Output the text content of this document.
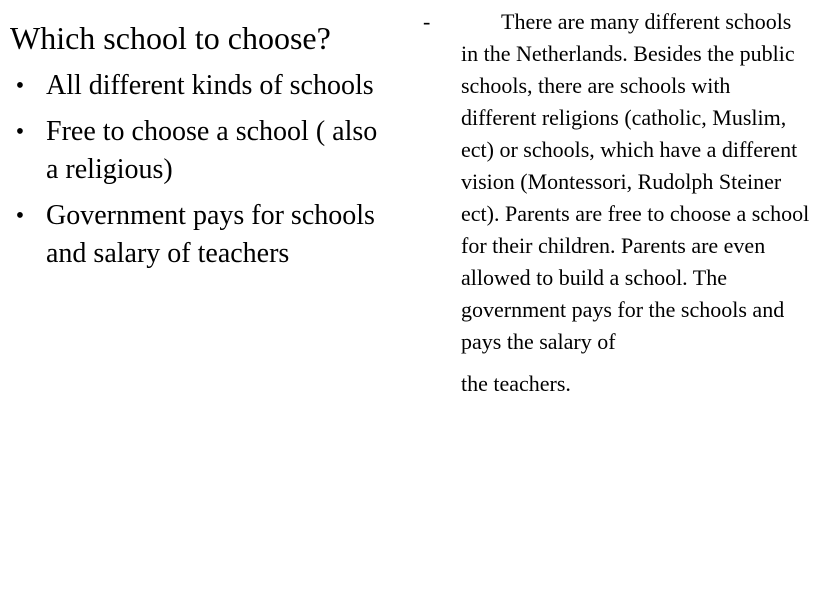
Which school to choose?
• All different kinds of schools
• Free to choose a school ( also a religious)
• Government pays for schools and salary of teachers
-	There are many different schools in the Netherlands. Besides the public schools, there are schools with different religions (catholic, Muslim, ect) or schools, which have a different vision (Montessori, Rudolph Steiner ect). Parents are free to choose a school for their children. Parents are even allowed to build a school. The government pays for the schools and pays the salary of
the teachers.
